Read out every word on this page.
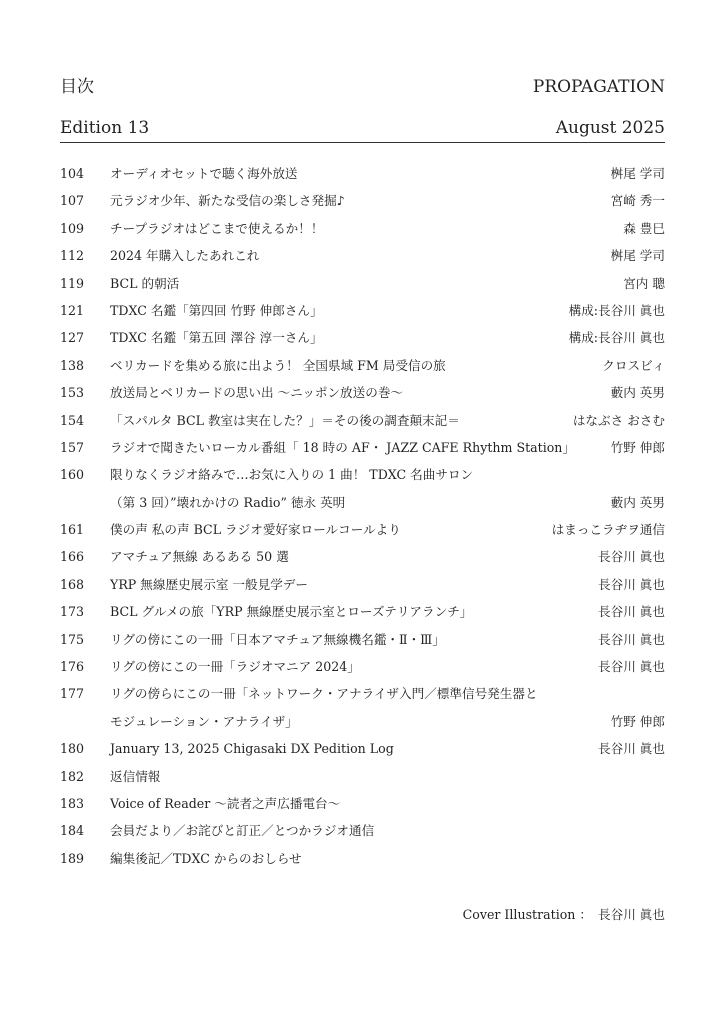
目次	PROPAGATION
Edition 13	August 2025
104	オーディオセットで聴く海外放送	桝尾 学司
107	元ラジオ少年、新たな受信の楽しさ発掘♪	宮崎 秀一
109	チープラジオはどこまで使えるか！！	森 豊巳
112	2024 年購入したあれこれ	桝尾 学司
119	BCL 的朝活	宮内 聰
121	TDXC 名鑑「第四回 竹野 伸郎さん」	構成:長谷川 眞也
127	TDXC 名鑑「第五回 澤谷 淳一さん」	構成:長谷川 眞也
138	ベリカードを集める旅に出よう！ 全国県域 FM 局受信の旅	クロスビィ
153	放送局とベリカードの思い出 ～ニッポン放送の巻～	藪内 英男
154	「スパルタ BCL 教室は実在した？」＝その後の調査顛末記＝	はなぶさ おさむ
157	ラジオで聞きたいローカル番組「 18 時の AF・ JAZZ CAFE Rhythm Station」	竹野 伸郎
160	限りなくラジオ絡みで…お気に入りの 1 曲！ TDXC 名曲サロン
（第 3 回）”壊れかけの Radio” 徳永 英明	藪内 英男
161	僕の声 私の声 BCL ラジオ愛好家ロールコールより	はまっこラヂヲ通信
166	アマチュア無線 あるある 50 選	長谷川 眞也
168	YRP 無線歴史展示室 一般見学デー	長谷川 眞也
173	BCL グルメの旅「YRP 無線歴史展示室とローズテリアランチ」	長谷川 眞也
175	リグの傍にこの一冊「日本アマチュア無線機名鑑・Ⅱ・Ⅲ」	長谷川 眞也
176	リグの傍にこの一冊「ラジオマニア 2024」	長谷川 眞也
177	リグの傍らにこの一冊「ネットワーク・アナライザ入門／標準信号発生器と
モジュレーション・アナライザ」	竹野 伸郎
180	January 13, 2025 Chigasaki DX Pedition Log	長谷川 眞也
182	返信情報
183	Voice of Reader ～読者之声広播電台～
184	会員だより／お詫びと訂正／とつかラジオ通信
189	編集後記／TDXC からのおしらせ
Cover Illustration ： 長谷川 眞也
